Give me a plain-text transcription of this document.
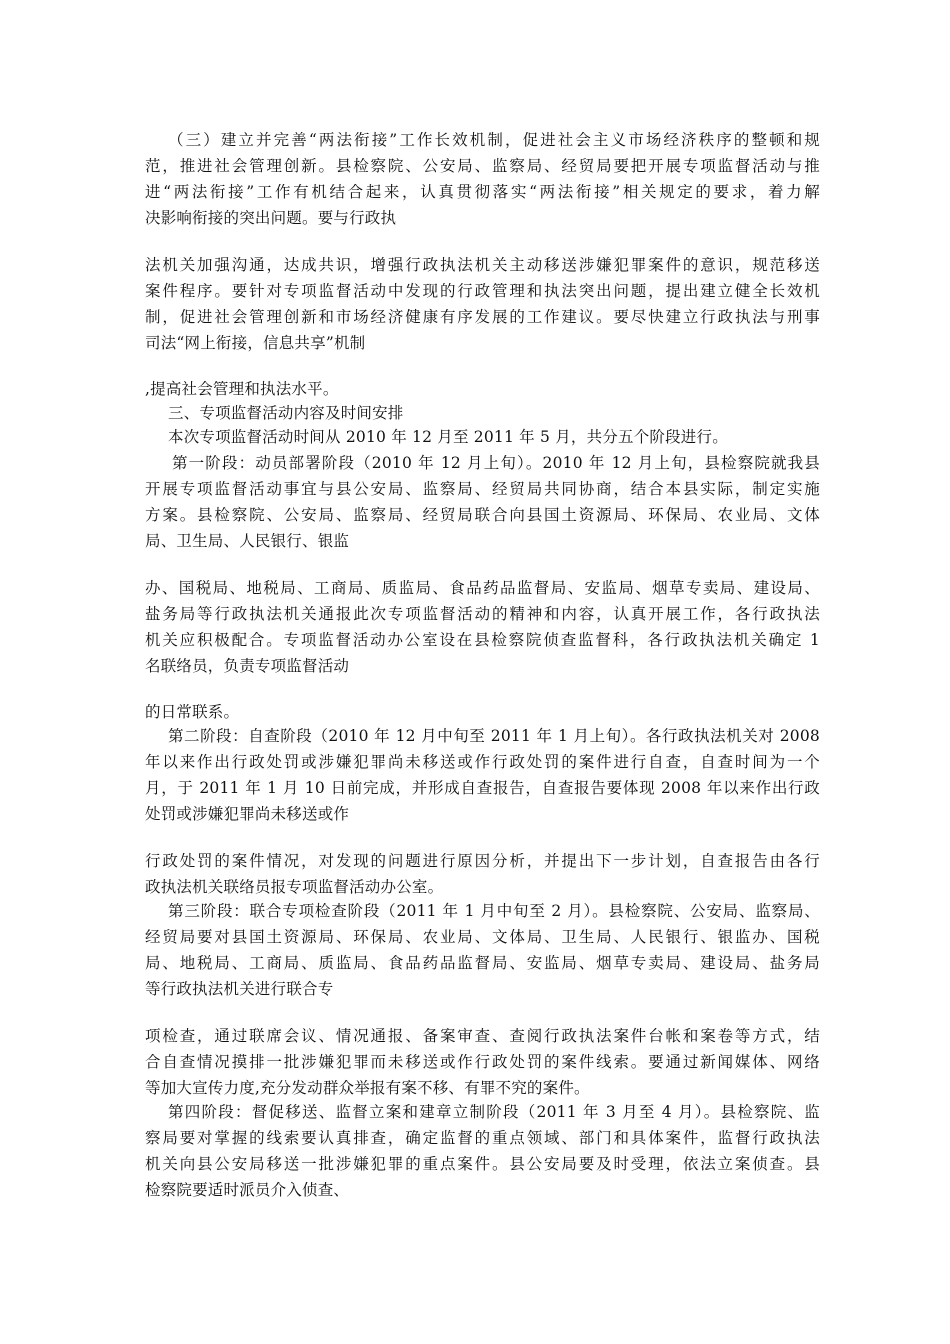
（三）建立并完善“两法衔接”工作长效机制，促进社会主义市场经济秩序的整顿和规
范，推进社会管理创新。县检察院、公安局、监察局、经贸局要把开展专项监督活动与推
进“两法衔接”工作有机结合起来，认真贯彻落实“两法衔接”相关规定的要求，着力解
决影响衔接的突出问题。要与行政执
法机关加强沟通，达成共识，增强行政执法机关主动移送涉嫌犯罪案件的意识，规范移送
案件程序。要针对专项监督活动中发现的行政管理和执法突出问题，提出建立健全长效机
制，促进社会管理创新和市场经济健康有序发展的工作建议。要尽快建立行政执法与刑事
司法“网上衔接，信息共享”机制
,提高社会管理和执法水平。
三、专项监督活动内容及时间安排
本次专项监督活动时间从 2010 年 12 月至 2011 年 5 月，共分五个阶段进行。
第一阶段：动员部署阶段（2010 年 12 月上旬）。2010 年 12 月上旬，县检察院就我县
开展专项监督活动事宜与县公安局、监察局、经贸局共同协商，结合本县实际，制定实施
方案。县检察院、公安局、监察局、经贸局联合向县国土资源局、环保局、农业局、文体
局、卫生局、人民银行、银监
办、国税局、地税局、工商局、质监局、食品药品监督局、安监局、烟草专卖局、建设局、
盐务局等行政执法机关通报此次专项监督活动的精神和内容，认真开展工作，各行政执法
机关应积极配合。专项监督活动办公室设在县检察院侦查监督科，各行政执法机关确定 1
名联络员，负责专项监督活动
的日常联系。
第二阶段：自查阶段（2010 年 12 月中旬至 2011 年 1 月上旬）。各行政执法机关对 2008
年以来作出行政处罚或涉嫌犯罪尚未移送或作行政处罚的案件进行自查，自查时间为一个
月，于 2011 年 1 月 10 日前完成，并形成自查报告，自查报告要体现 2008 年以来作出行政
处罚或涉嫌犯罪尚未移送或作
行政处罚的案件情况，对发现的问题进行原因分析，并提出下一步计划，自查报告由各行
政执法机关联络员报专项监督活动办公室。
第三阶段：联合专项检查阶段（2011 年 1 月中旬至 2 月）。县检察院、公安局、监察局、
经贸局要对县国土资源局、环保局、农业局、文体局、卫生局、人民银行、银监办、国税
局、地税局、工商局、质监局、食品药品监督局、安监局、烟草专卖局、建设局、盐务局
等行政执法机关进行联合专
项检查，通过联席会议、情况通报、备案审查、查阅行政执法案件台帐和案卷等方式，结
合自查情况摸排一批涉嫌犯罪而未移送或作行政处罚的案件线索。要通过新闻媒体、网络
等加大宣传力度,充分发动群众举报有案不移、有罪不究的案件。
第四阶段：督促移送、监督立案和建章立制阶段（2011 年 3 月至 4 月）。县检察院、监
察局要对掌握的线索要认真排查，确定监督的重点领域、部门和具体案件，监督行政执法
机关向县公安局移送一批涉嫌犯罪的重点案件。县公安局要及时受理，依法立案侦查。县
检察院要适时派员介入侦查、
